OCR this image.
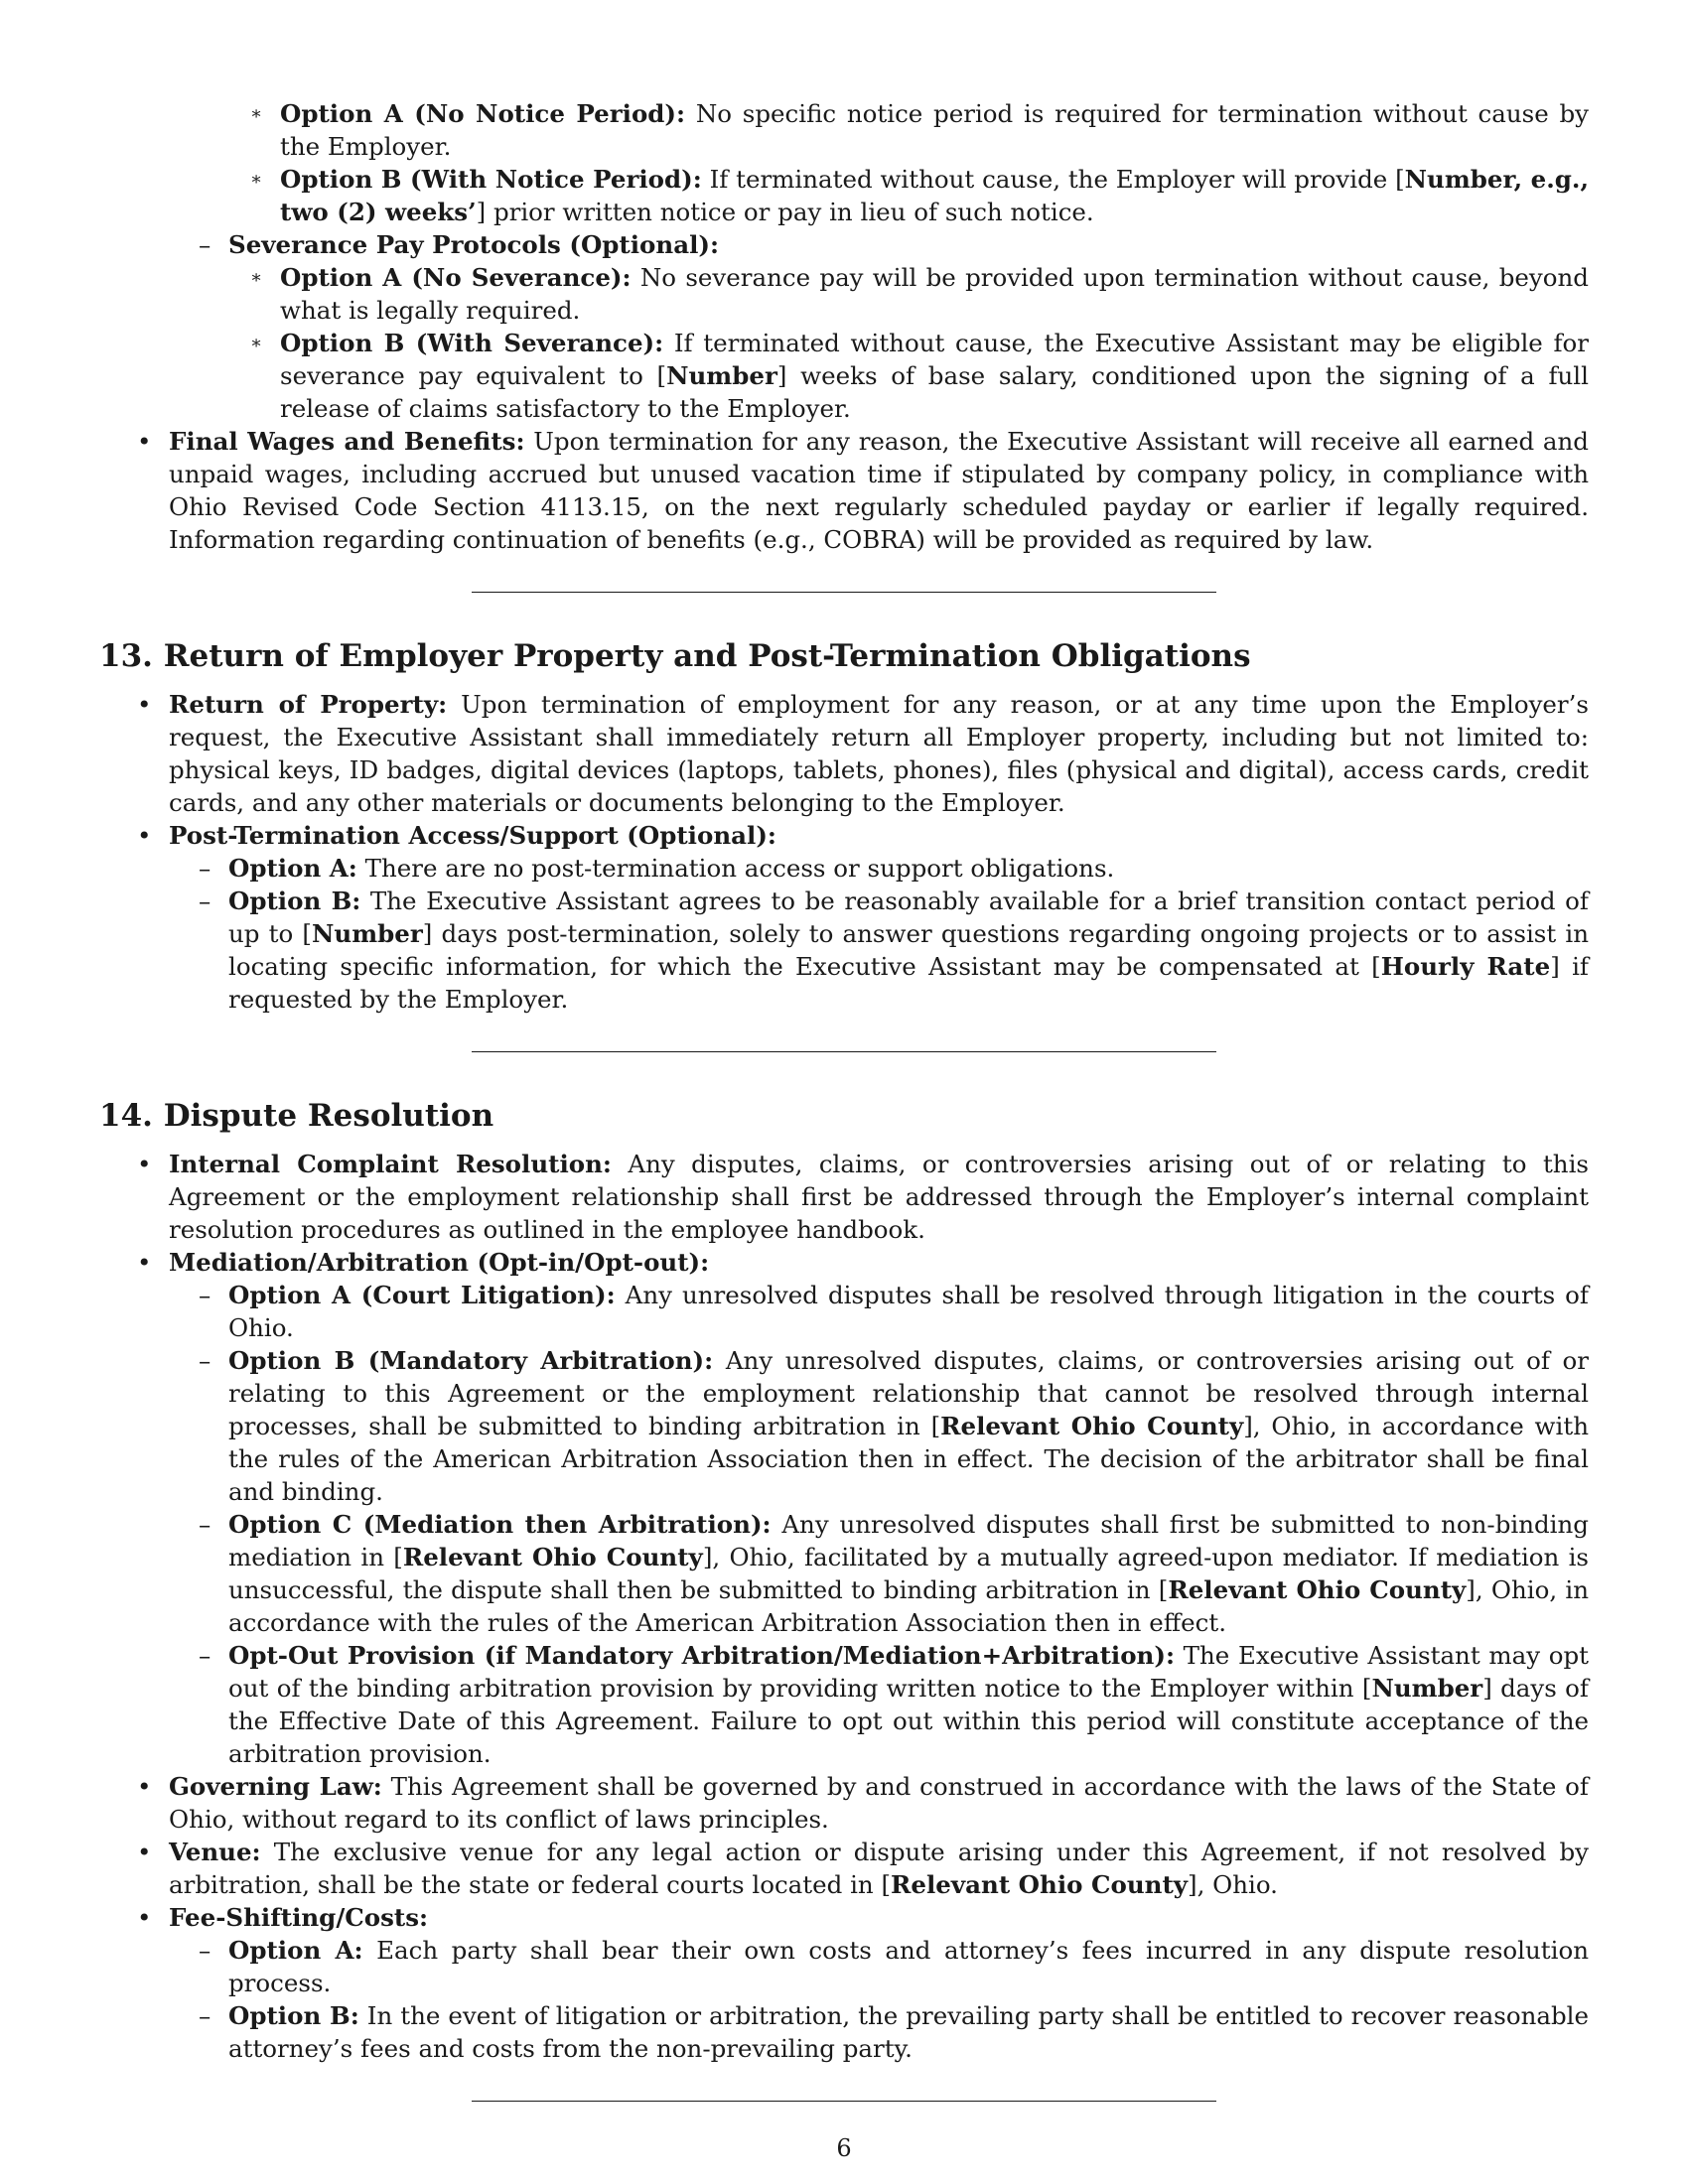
∗ Option A (No Notice Period): No specific notice period is required for termination without cause by the Employer.

∗ Option B (With Notice Period): If terminated without cause, the Employer will provide [Number, e.g., two (2) weeks’] prior written notice or pay in lieu of such notice.

– Severance Pay Protocols (Optional):

∗ Option A (No Severance): No severance pay will be provided upon termination without cause, beyond what is legally required.

∗ Option B (With Severance): If terminated without cause, the Executive Assistant may be eligible for severance pay equivalent to [Number] weeks of base salary, conditioned upon the signing of a full release of claims satisfactory to the Employer.

• Final Wages and Benefits: Upon termination for any reason, the Executive Assistant will receive all earned and unpaid wages, including accrued but unused vacation time if stipulated by company policy, in compliance with Ohio Revised Code Section 4113.15, on the next regularly scheduled payday or earlier if legally required. Information regarding continuation of benefits (e.g., COBRA) will be provided as required by law.

13. Return of Employer Property and Post-Termination Obligations

• Return of Property: Upon termination of employment for any reason, or at any time upon the Employer’s request, the Executive Assistant shall immediately return all Employer property, including but not limited to: physical keys, ID badges, digital devices (laptops, tablets, phones), files (physical and digital), access cards, credit cards, and any other materials or documents belonging to the Employer.

• Post-Termination Access/Support (Optional):

– Option A: There are no post-termination access or support obligations.

– Option B: The Executive Assistant agrees to be reasonably available for a brief transition contact period of up to [Number] days post-termination, solely to answer questions regarding ongoing projects or to assist in locating specific information, for which the Executive Assistant may be compensated at [Hourly Rate] if requested by the Employer.

14. Dispute Resolution

• Internal Complaint Resolution: Any disputes, claims, or controversies arising out of or relating to this Agreement or the employment relationship shall first be addressed through the Employer’s internal complaint resolution procedures as outlined in the employee handbook.

• Mediation/Arbitration (Opt-in/Opt-out):

– Option A (Court Litigation): Any unresolved disputes shall be resolved through litigation in the courts of Ohio.

– Option B (Mandatory Arbitration): Any unresolved disputes, claims, or controversies arising out of or relating to this Agreement or the employment relationship that cannot be resolved through internal processes, shall be submitted to binding arbitration in [Relevant Ohio County], Ohio, in accordance with the rules of the American Arbitration Association then in effect. The decision of the arbitrator shall be final and binding.

– Option C (Mediation then Arbitration): Any unresolved disputes shall first be submitted to non-binding mediation in [Relevant Ohio County], Ohio, facilitated by a mutually agreed-upon mediator. If mediation is unsuccessful, the dispute shall then be submitted to binding arbitration in [Relevant Ohio County], Ohio, in accordance with the rules of the American Arbitration Association then in effect.

– Opt-Out Provision (if Mandatory Arbitration/Mediation+Arbitration): The Executive Assistant may opt out of the binding arbitration provision by providing written notice to the Employer within [Number] days of the Effective Date of this Agreement. Failure to opt out within this period will constitute acceptance of the arbitration provision.

• Governing Law: This Agreement shall be governed by and construed in accordance with the laws of the State of Ohio, without regard to its conflict of laws principles.

• Venue: The exclusive venue for any legal action or dispute arising under this Agreement, if not resolved by arbitration, shall be the state or federal courts located in [Relevant Ohio County], Ohio.

• Fee-Shifting/Costs:

– Option A: Each party shall bear their own costs and attorney’s fees incurred in any dispute resolution process.

– Option B: In the event of litigation or arbitration, the prevailing party shall be entitled to recover reasonable attorney’s fees and costs from the non-prevailing party.

6
